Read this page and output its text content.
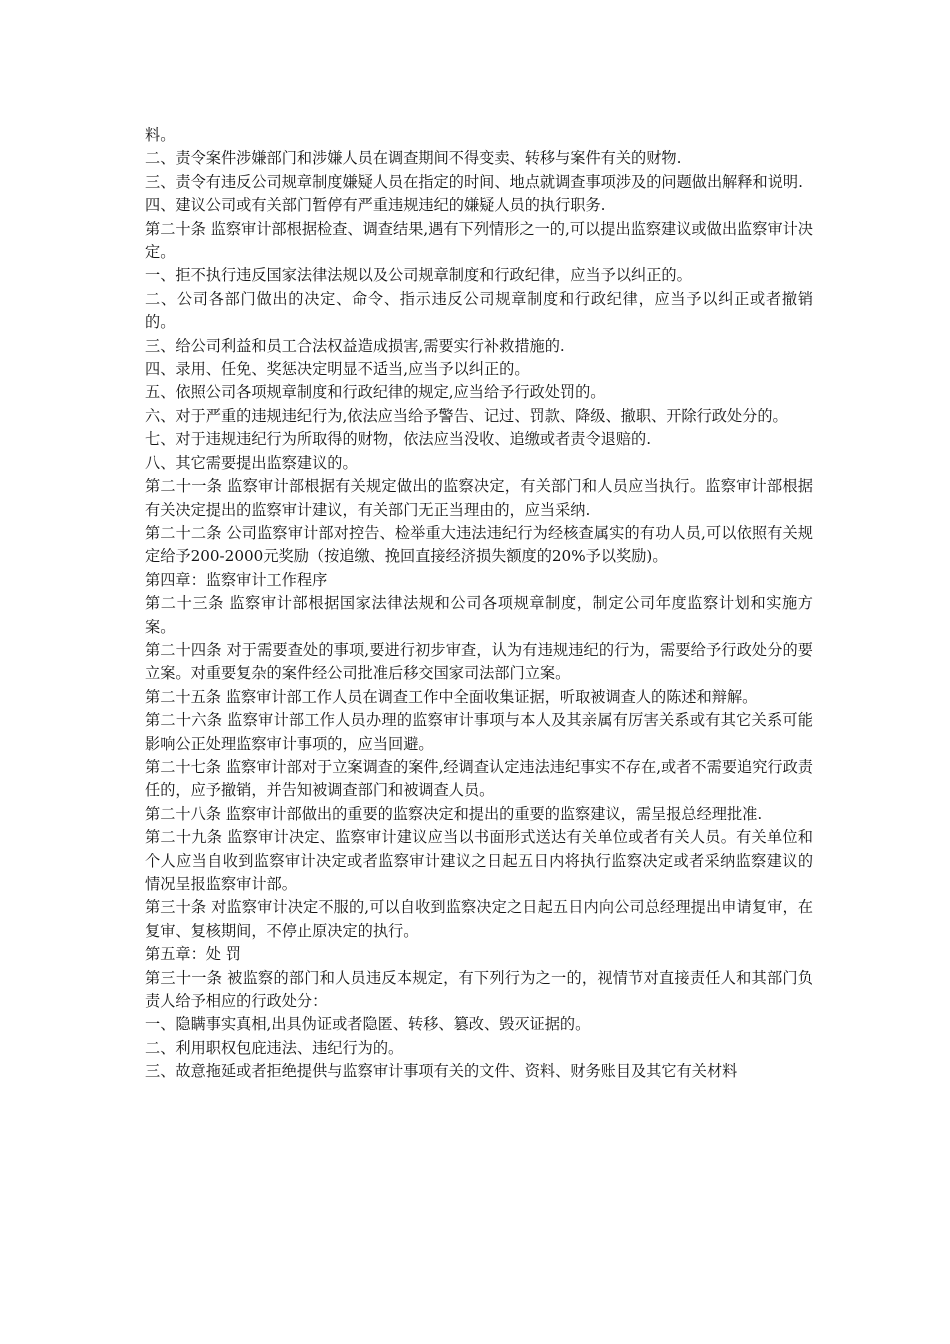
料。

二、责令案件涉嫌部门和涉嫌人员在调查期间不得变卖、转移与案件有关的财物.

三、责令有违反公司规章制度嫌疑人员在指定的时间、地点就调查事项涉及的问题做出解释和说明.

四、建议公司或有关部门暂停有严重违规违纪的嫌疑人员的执行职务.

第二十条 监察审计部根据检查、调查结果,遇有下列情形之一的,可以提出监察建议或做出监察审计决定。

一、拒不执行违反国家法律法规以及公司规章制度和行政纪律，应当予以纠正的。

二、公司各部门做出的决定、命令、指示违反公司规章制度和行政纪律，应当予以纠正或者撤销的。

三、给公司利益和员工合法权益造成损害,需要实行补救措施的.

四、录用、任免、奖惩决定明显不适当,应当予以纠正的。

五、依照公司各项规章制度和行政纪律的规定,应当给予行政处罚的。

六、对于严重的违规违纪行为,依法应当给予警告、记过、罚款、降级、撤职、开除行政处分的。

七、对于违规违纪行为所取得的财物，依法应当没收、追缴或者责令退赔的.

八、其它需要提出监察建议的。

第二十一条 监察审计部根据有关规定做出的监察决定，有关部门和人员应当执行。监察审计部根据有关决定提出的监察审计建议，有关部门无正当理由的，应当采纳.

第二十二条 公司监察审计部对控告、检举重大违法违纪行为经核查属实的有功人员,可以依照有关规定给予200-2000元奖励（按追缴、挽回直接经济损失额度的20%予以奖励)。

第四章：监察审计工作程序

第二十三条 监察审计部根据国家法律法规和公司各项规章制度，制定公司年度监察计划和实施方案。

第二十四条 对于需要查处的事项,要进行初步审查，认为有违规违纪的行为，需要给予行政处分的要立案。对重要复杂的案件经公司批准后移交国家司法部门立案。

第二十五条 监察审计部工作人员在调查工作中全面收集证据，听取被调查人的陈述和辩解。

第二十六条 监察审计部工作人员办理的监察审计事项与本人及其亲属有厉害关系或有其它关系可能影响公正处理监察审计事项的，应当回避。

第二十七条 监察审计部对于立案调查的案件,经调查认定违法违纪事实不存在,或者不需要追究行政责任的，应予撤销，并告知被调查部门和被调查人员。

第二十八条 监察审计部做出的重要的监察决定和提出的重要的监察建议，需呈报总经理批准.

第二十九条 监察审计决定、监察审计建议应当以书面形式送达有关单位或者有关人员。有关单位和个人应当自收到监察审计决定或者监察审计建议之日起五日内将执行监察决定或者采纳监察建议的情况呈报监察审计部。

第三十条 对监察审计决定不服的,可以自收到监察决定之日起五日内向公司总经理提出申请复审，在复审、复核期间，不停止原决定的执行。

第五章：处 罚

第三十一条 被监察的部门和人员违反本规定，有下列行为之一的，视情节对直接责任人和其部门负责人给予相应的行政处分：

一、隐瞒事实真相,出具伪证或者隐匿、转移、篡改、毁灭证据的。

二、利用职权包庇违法、违纪行为的。

三、故意拖延或者拒绝提供与监察审计事项有关的文件、资料、财务账目及其它有关材料
